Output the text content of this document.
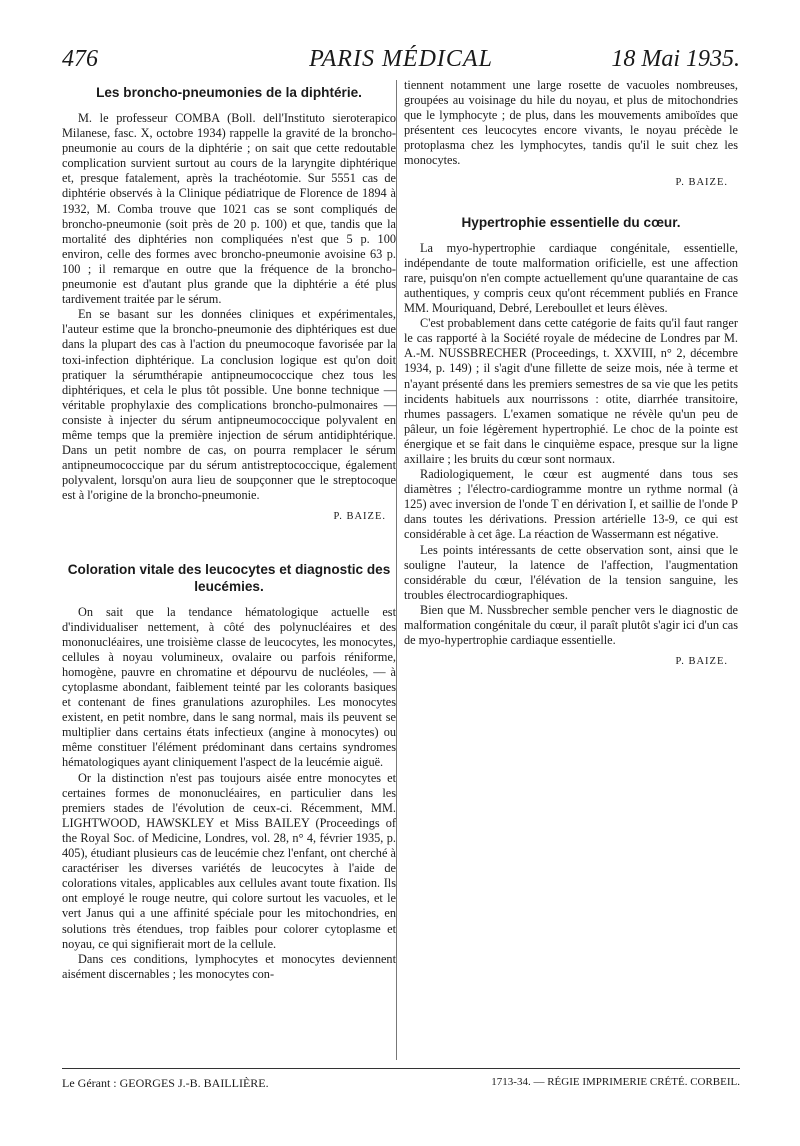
476	PARIS MÉDICAL	18 Mai 1935.
Les broncho-pneumonies de la diphtérie.

M. le professeur COMBA (Boll. dell'Instituto sieroterapico Milanese, fasc. X, octobre 1934) rappelle la gravité de la broncho-pneumonie au cours de la diphtérie ; on sait que cette redoutable complication survient surtout au cours de la laryngite diphtérique et, presque fatalement, après la trachéotomie. Sur 5551 cas de diphtérie observés à la Clinique pédiatrique de Florence de 1894 à 1932, M. Comba trouve que 1021 cas se sont compliqués de broncho-pneumonie (soit près de 20 p. 100) et que, tandis que la mortalité des diphtéries non compliquées n'est que 5 p. 100 environ, celle des formes avec broncho-pneumonie avoisine 63 p. 100 ; il remarque en outre que la fréquence de la broncho-pneumonie est d'autant plus grande que la diphtérie a été plus tardivement traitée par le sérum.

En se basant sur les données cliniques et expérimentales, l'auteur estime que la broncho-pneumonie des diphtériques est due dans la plupart des cas à l'action du pneumocoque favorisée par la toxi-infection diphtérique. La conclusion logique est qu'on doit pratiquer la sérumthérapie antipneumococcique chez tous les diphtériques, et cela le plus tôt possible. Une bonne technique — véritable prophylaxie des complications broncho-pulmonaires — consiste à injecter du sérum antipneumococcique polyvalent en même temps que la première injection de sérum antidiphtérique. Dans un petit nombre de cas, on pourra remplacer le sérum antipneumococcique par du sérum antistreptococcique, également polyvalent, lorsqu'on aura lieu de soupçonner que le streptocoque est à l'origine de la broncho-pneumonie.

P. BAIZE.

Coloration vitale des leucocytes et diagnostic des leucémies.

On sait que la tendance hématologique actuelle est d'individualiser nettement, à côté des polynucléaires et des mononucléaires, une troisième classe de leucocytes, les monocytes, cellules à noyau volumineux, ovalaire ou parfois réniforme, homogène, pauvre en chromatine et dépourvu de nucléoles, — à cytoplasme abondant, faiblement teinté par les colorants basiques et contenant de fines granulations azurophiles. Les monocytes existent, en petit nombre, dans le sang normal, mais ils peuvent se multiplier dans certains états infectieux (angine à monocytes) ou même constituer l'élément prédominant dans certains syndromes hématologiques ayant cliniquement l'aspect de la leucémie aiguë.

Or la distinction n'est pas toujours aisée entre monocytes et certaines formes de mononucléaires, en particulier dans les premiers stades de l'évolution de ceux-ci. Récemment, MM. LIGHTWOOD, HAWSKLEY et Miss BAILEY (Proceedings of the Royal Soc. of Medicine, Londres, vol. 28, n° 4, février 1935, p. 405), étudiant plusieurs cas de leucémie chez l'enfant, ont cherché à caractériser les diverses variétés de leucocytes à l'aide de colorations vitales, applicables aux cellules avant toute fixation. Ils ont employé le rouge neutre, qui colore surtout les vacuoles, et le vert Janus qui a une affinité spéciale pour les mitochondries, en solutions très étendues, trop faibles pour colorer cytoplasme et noyau, ce qui signifierait mort de la cellule.

Dans ces conditions, lymphocytes et monocytes deviennent aisément discernables ; les monocytes con-

tiennent notamment une large rosette de vacuoles nombreuses, groupées au voisinage du hile du noyau, et plus de mitochondries que le lymphocyte ; de plus, dans les mouvements amiboïdes que présentent ces leucocytes encore vivants, le noyau précède le protoplasma chez les lymphocytes, tandis qu'il le suit chez les monocytes.

P. BAIZE.

Hypertrophie essentielle du cœur.

La myo-hypertrophie cardiaque congénitale, essentielle, indépendante de toute malformation orificielle, est une affection rare, puisqu'on n'en compte actuellement qu'une quarantaine de cas authentiques, y compris ceux qu'ont récemment publiés en France MM. Mouriquand, Debré, Lereboullet et leurs élèves.

C'est probablement dans cette catégorie de faits qu'il faut ranger le cas rapporté à la Société royale de médecine de Londres par M. A.-M. NUSSBRECHER (Proceedings, t. XXVIII, n° 2, décembre 1934, p. 149) ; il s'agit d'une fillette de seize mois, née à terme et n'ayant présenté dans les premiers semestres de sa vie que les petits incidents habituels aux nourrissons : otite, diarrhée transitoire, rhumes passagers. L'examen somatique ne révèle qu'un peu de pâleur, un foie légèrement hypertrophié. Le choc de la pointe est énergique et se fait dans le cinquième espace, presque sur la ligne axillaire ; les bruits du cœur sont normaux.

Radiologiquement, le cœur est augmenté dans tous ses diamètres ; l'électro-cardiogramme montre un rythme normal (à 125) avec inversion de l'onde T en dérivation I, et saillie de l'onde P dans toutes les dérivations. Pression artérielle 13-9, ce qui est considérable à cet âge. La réaction de Wassermann est négative.

Les points intéressants de cette observation sont, ainsi que le souligne l'auteur, la latence de l'affection, l'augmentation considérable du cœur, l'élévation de la tension sanguine, les troubles électrocardiographiques.

Bien que M. Nussbrecher semble pencher vers le diagnostic de malformation congénitale du cœur, il paraît plutôt s'agir ici d'un cas de myo-hypertrophie cardiaque essentielle.

P. BAIZE.

Le Gérant : GEORGES J.-B. BAILLIÈRE.	1713-34. — RÉGIE IMPRIMERIE CRÉTÉ. CORBEIL.
